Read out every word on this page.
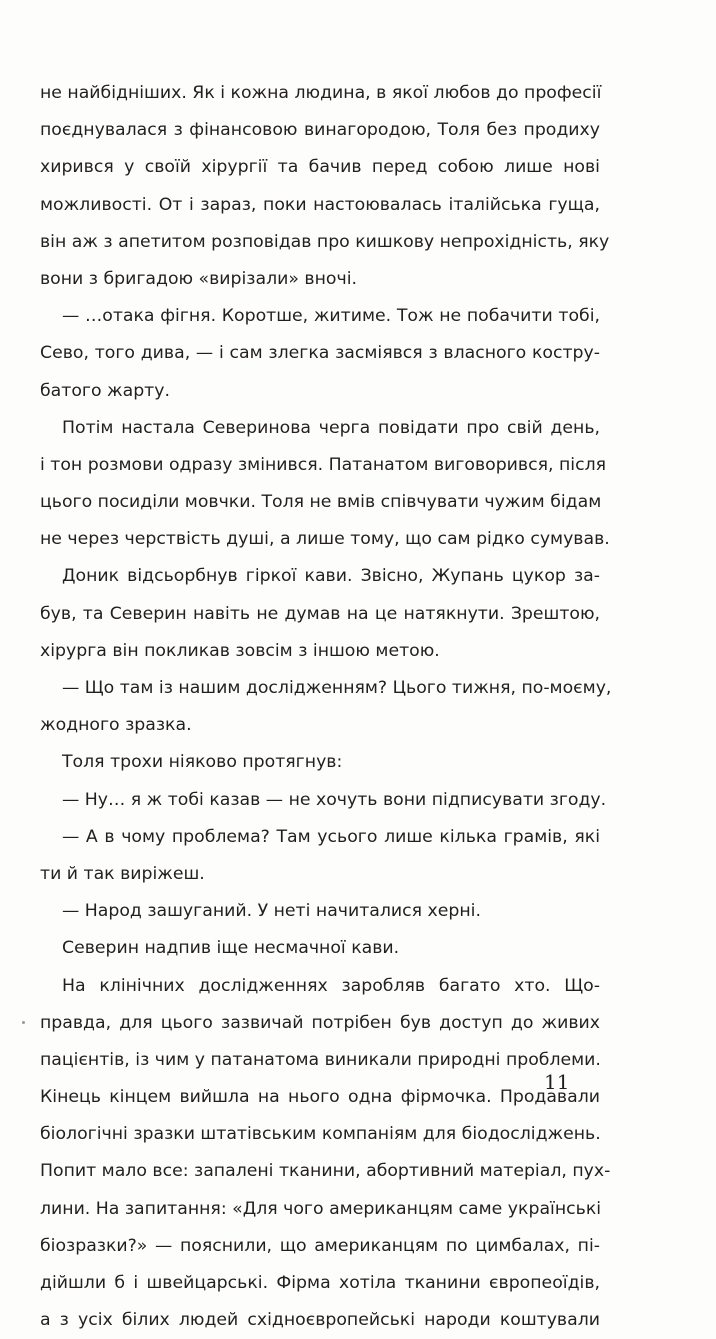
не найбідніших. Як і кожна людина, в якої любов до професії
поєднувалася з фінансовою винагородою, Толя без продиху
хирився у своїй хірургії та бачив перед собою лише нові
можливості. От і зараз, поки настоювалась італійська гуща,
він аж з апетитом розповідав про кишкову непрохідність, яку
вони з бригадою «вирізали» вночі.
— …отака фігня. Коротше, житиме. Тож не побачити тобі,
Сево, того дива, — і сам злегка засміявся з власного костру-
батого жарту.
Потім настала Северинова черга повідати про свій день,
і тон розмови одразу змінився. Патанатом виговорився, після
цього посиділи мовчки. Толя не вмів співчувати чужим бідам
не через черствість душі, а лише тому, що сам рідко сумував.
Доник відсьорбнув гіркої кави. Звісно, Жупань цукор за-
був, та Северин навіть не думав на це натякнути. Зрештою,
хірурга він покликав зовсім з іншою метою.
— Що там із нашим дослідженням? Цього тижня, по-моєму,
жодного зразка.
Толя трохи ніяково протягнув:
— Ну… я ж тобі казав — не хочуть вони підписувати згоду.
— А в чому проблема? Там усього лише кілька грамів, які
ти й так виріжеш.
— Народ зашуганий. У неті начиталися херні.
Северин надпив іще несмачної кави.
На клінічних дослідженнях заробляв багато хто. Що-
правда, для цього зазвичай потрібен був доступ до живих
пацієнтів, із чим у патанатома виникали природні проблеми.
Кінець кінцем вийшла на нього одна фірмочка. Продавали
біологічні зразки штатівським компаніям для біодосліджень.
Попит мало все: запалені тканини, абортивний матеріал, пух-
лини. На запитання: «Для чого американцям саме українські
біозразки?» — пояснили, що американцям по цимбалах, пі-
дійшли б і швейцарські. Фірма хотіла тканини європеоїдів,
а з усіх білих людей східноєвропейські народи коштували
11
